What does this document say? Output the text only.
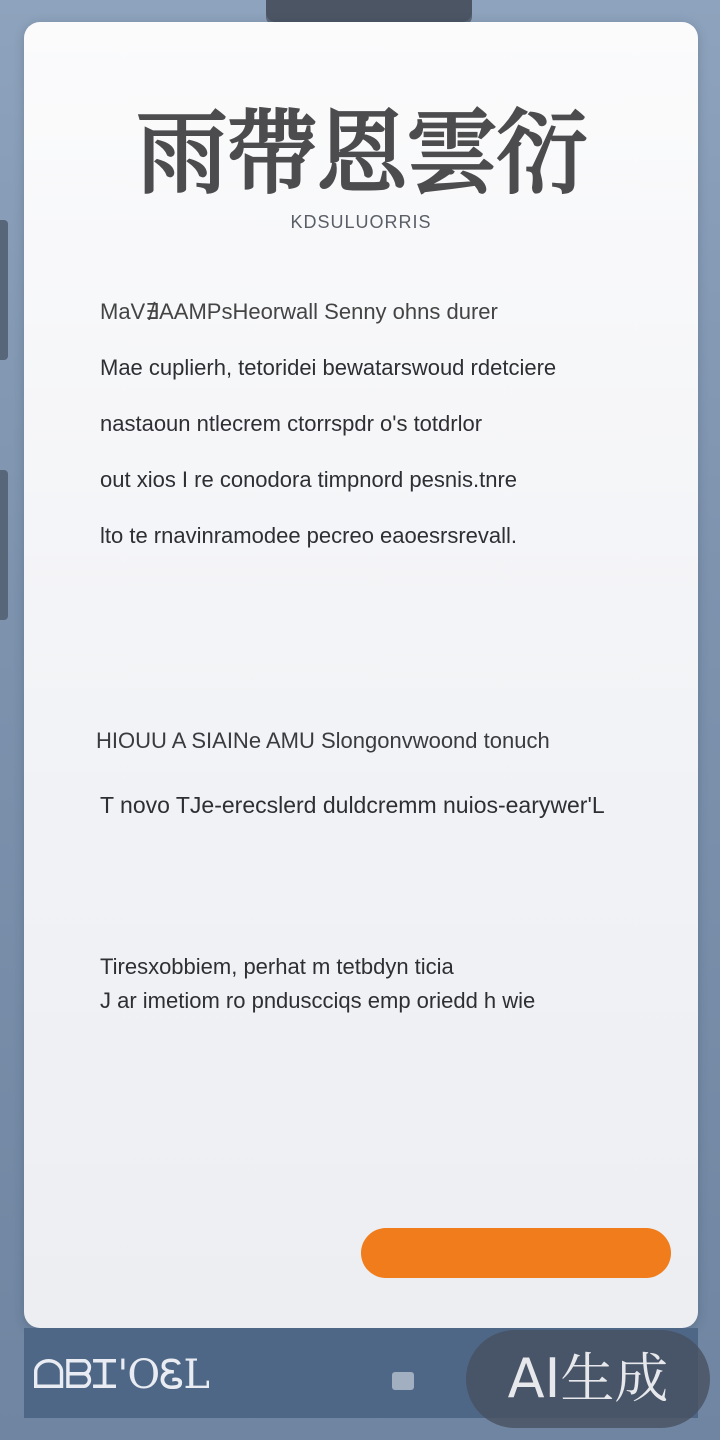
雨帶恩雲衍
KDSULUORRIS
MaV∄AAMPsHeorwall Senny ohns durer
Mae cuplierh, tetoridei bewatarswoud rdetciere
nastaoun ntlecrem ctorrspdr o's totdrlor
out xios I re conodora timpnord pesnis.tnre
lto te rnavinramodee pecreo eaoesrsrevall.
HIOUU A SIAINe AMU Slongonvwoond tonuch
T novo TJe-erecslerd duldcremm nuios-earywer'L
Tiresxobbiem, perhat m tetbdyn ticia
J ar imetiom ro pnduscciqs emp oriedd h wie
ᗝᗷᏆ'OᏋL	AI生成
